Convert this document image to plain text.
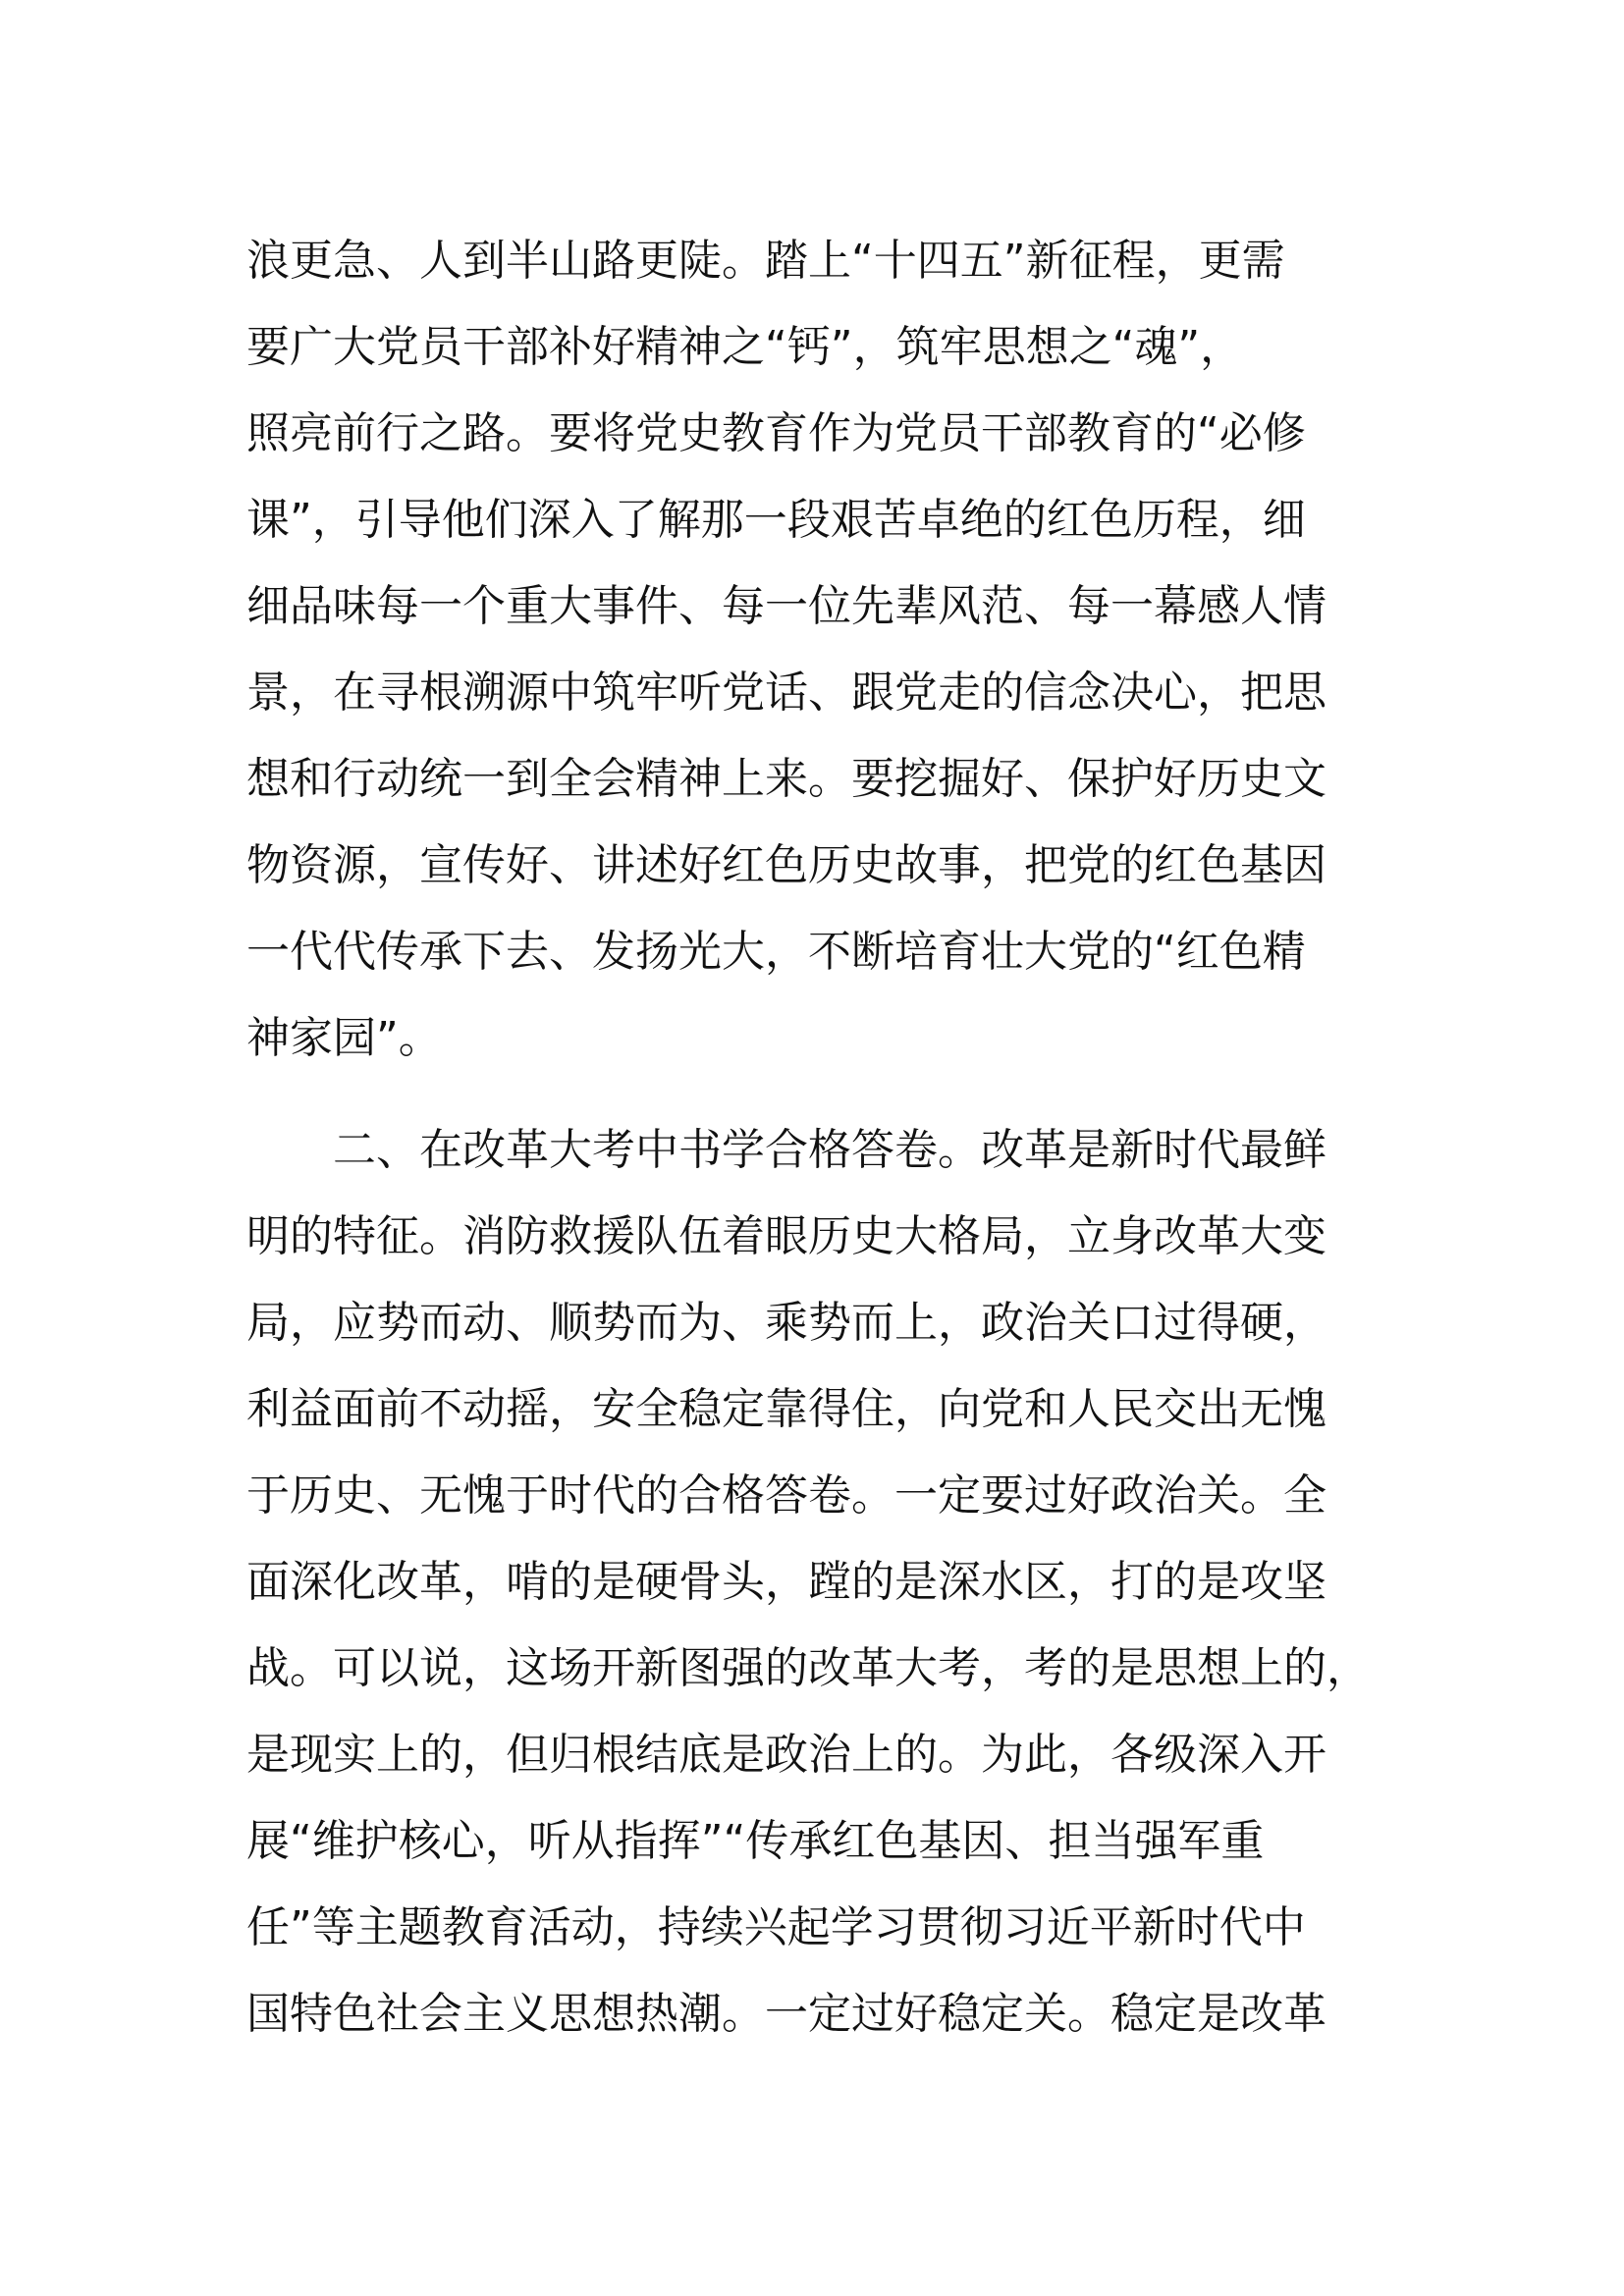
浪更急、人到半山路更陡。踏上“十四五”新征程，更需
要广大党员干部补好精神之“钙”，筑牢思想之“魂”，
照亮前行之路。要将党史教育作为党员干部教育的“必修
课”，引导他们深入了解那一段艰苦卓绝的红色历程，细
细品味每一个重大事件、每一位先辈风范、每一幕感人情
景，在寻根溯源中筑牢听党话、跟党走的信念决心，把思
想和行动统一到全会精神上来。要挖掘好、保护好历史文
物资源，宣传好、讲述好红色历史故事，把党的红色基因
一代代传承下去、发扬光大，不断培育壮大党的“红色精
神家园”。
二、在改革大考中书学合格答卷。改革是新时代最鲜
明的特征。消防救援队伍着眼历史大格局，立身改革大变
局，应势而动、顺势而为、乘势而上，政治关口过得硬，
利益面前不动摇，安全稳定靠得住，向党和人民交出无愧
于历史、无愧于时代的合格答卷。一定要过好政治关。全
面深化改革，啃的是硬骨头，蹚的是深水区，打的是攻坚
战。可以说，这场开新图强的改革大考，考的是思想上的，
是现实上的，但归根结底是政治上的。为此，各级深入开
展“维护核心，听从指挥”“传承红色基因、担当强军重
任”等主题教育活动，持续兴起学习贯彻习近平新时代中
国特色社会主义思想热潮。一定过好稳定关。稳定是改革
